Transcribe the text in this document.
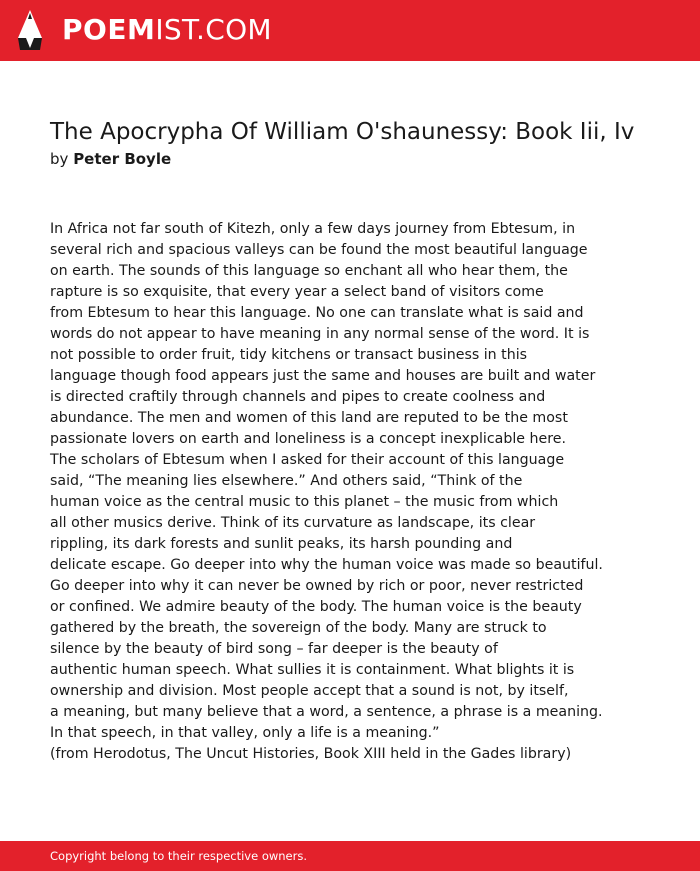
POEMIST.COM
The Apocrypha Of William O'shaunessy: Book Iii, Iv
by Peter Boyle
In Africa not far south of Kitezh, only a few days journey from Ebtesum, in
several rich and spacious valleys can be found the most beautiful language
on earth. The sounds of this language so enchant all who hear them, the
rapture is so exquisite, that every year a select band of visitors come
from Ebtesum to hear this language. No one can translate what is said and
words do not appear to have meaning in any normal sense of the word. It is
not possible to order fruit, tidy kitchens or transact business in this
language though food appears just the same and houses are built and water
is directed craftily through channels and pipes to create coolness and
abundance. The men and women of this land are reputed to be the most
passionate lovers on earth and loneliness is a concept inexplicable here.
The scholars of Ebtesum when I asked for their account of this language
said, “The meaning lies elsewhere.” And others said, “Think of the
human voice as the central music to this planet – the music from which
all other musics derive. Think of its curvature as landscape, its clear
rippling, its dark forests and sunlit peaks, its harsh pounding and
delicate escape. Go deeper into why the human voice was made so beautiful.
Go deeper into why it can never be owned by rich or poor, never restricted
or confined. We admire beauty of the body. The human voice is the beauty
gathered by the breath, the sovereign of the body. Many are struck to
silence by the beauty of bird song – far deeper is the beauty of
authentic human speech. What sullies it is containment. What blights it is
ownership and division. Most people accept that a sound is not, by itself,
a meaning, but many believe that a word, a sentence, a phrase is a meaning.
In that speech, in that valley, only a life is a meaning.”
(from Herodotus, The Uncut Histories, Book XIII held in the Gades library)
Copyright belong to their respective owners.
